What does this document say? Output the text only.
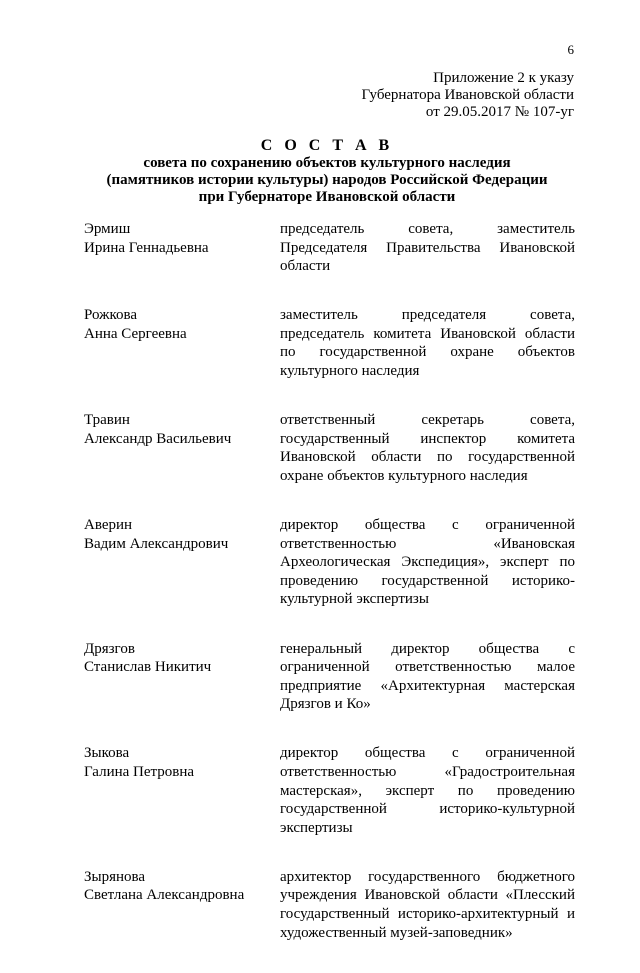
6
Приложение 2 к указу
Губернатора Ивановской области
от 29.05.2017 № 107-уг
С О С Т А В
совета по сохранению объектов культурного наследия
(памятников истории культуры) народов Российской Федерации
при Губернаторе Ивановской области
Эрмиш
Ирина Геннадьевна
председатель совета, заместитель Председателя Правительства Ивановской области
Рожкова
Анна Сергеевна
заместитель председателя совета, председатель комитета Ивановской области по государственной охране объектов культурного наследия
Травин
Александр Васильевич
ответственный секретарь совета, государственный инспектор комитета Ивановской области по государственной охране объектов культурного наследия
Аверин
Вадим Александрович
директор общества с ограниченной ответственностью «Ивановская Археологическая Экспедиция», эксперт по проведению государственной историко-культурной экспертизы
Дрязгов
Станислав Никитич
генеральный директор общества с ограниченной ответственностью малое предприятие «Архитектурная мастерская Дрязгов и Ко»
Зыкова
Галина Петровна
директор общества с ограниченной ответственностью «Градостроительная мастерская», эксперт по проведению государственной историко-культурной экспертизы
Зырянова
Светлана Александровна
архитектор государственного бюджетного учреждения Ивановской области «Плесский государственный историко-архитектурный и художественный музей-заповедник»
